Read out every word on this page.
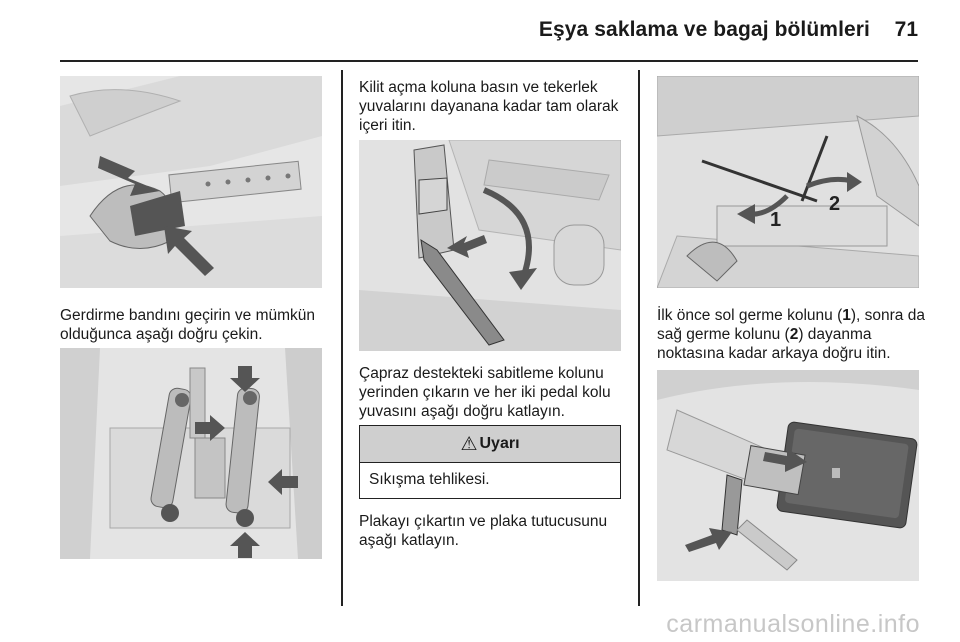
Eşya saklama ve bagaj bölümleri	71

Gerdirme bandını geçirin ve mümkün olduğunca aşağı doğru çekin.

Kilit açma koluna basın ve tekerlek yuvalarını dayanana kadar tam olarak içeri itin.

Çapraz destekteki sabitleme kolunu yerinden çıkarın ve her iki pedal kolu yuvasını aşağı doğru katlayın.

⚠ Uyarı
Sıkışma tehlikesi.

Plakayı çıkartın ve plaka tutucusunu aşağı katlayın.

1
2

İlk önce sol germe kolunu (1), sonra da sağ germe kolunu (2) dayanma noktasına kadar arkaya doğru itin.

carmanualsonline.info
